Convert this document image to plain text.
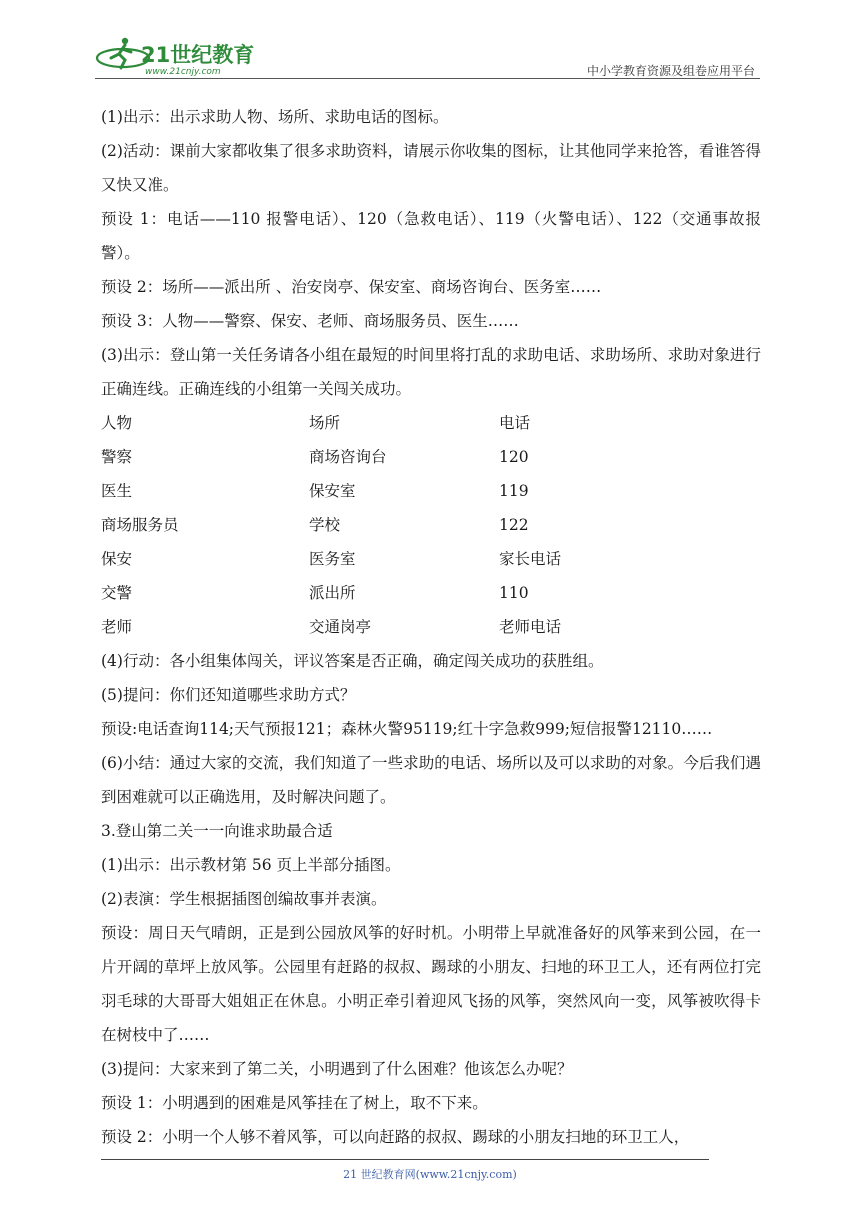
21世纪教育
www.21cnjy.com	中小学教育资源及组卷应用平台

(1)出示：出示求助人物、场所、求助电话的图标。

(2)活动：课前大家都收集了很多求助资料，请展示你收集的图标，让其他同学来抢答，看谁答得又快又准。

预设 1：电话——110 报警电话）、120（急救电话）、119（火警电话）、122（交通事故报警）。

预设 2：场所——派出所 、治安岗亭、保安室、商场咨询台、医务室……

预设 3：人物——警察、保安、老师、商场服务员、医生……

(3)出示：登山第一关任务请各小组在最短的时间里将打乱的求助电话、求助场所、求助对象进行正确连线。正确连线的小组第一关闯关成功。

人物	场所	电话
警察	商场咨询台	120
医生	保安室	119
商场服务员	学校	122
保安	医务室	家长电话
交警	派出所	110
老师	交通岗亭	老师电话

(4)行动：各小组集体闯关，评议答案是否正确，确定闯关成功的获胜组。

(5)提问：你们还知道哪些求助方式？

预设:电话查询114;天气预报121；森林火警95119;红十字急救999;短信报警12110……

(6)小结：通过大家的交流，我们知道了一些求助的电话、场所以及可以求助的对象。今后我们遇到困难就可以正确选用，及时解决问题了。

3.登山第二关一一向谁求助最合适

(1)出示：出示教材第 56 页上半部分插图。

(2)表演：学生根据插图创编故事并表演。

预设：周日天气晴朗，正是到公园放风筝的好时机。小明带上早就准备好的风筝来到公园，在一片开阔的草坪上放风筝。公园里有赶路的叔叔、踢球的小朋友、扫地的环卫工人，还有两位打完羽毛球的大哥哥大姐姐正在休息。小明正牵引着迎风飞扬的风筝，突然风向一变，风筝被吹得卡在树枝中了……

(3)提问：大家来到了第二关，小明遇到了什么困难？他该怎么办呢？

预设 1：小明遇到的困难是风筝挂在了树上，取不下来。

预设 2：小明一个人够不着风筝，可以向赶路的叔叔、踢球的小朋友扫地的环卫工人，

21 世纪教育网(www.21cnjy.com)
